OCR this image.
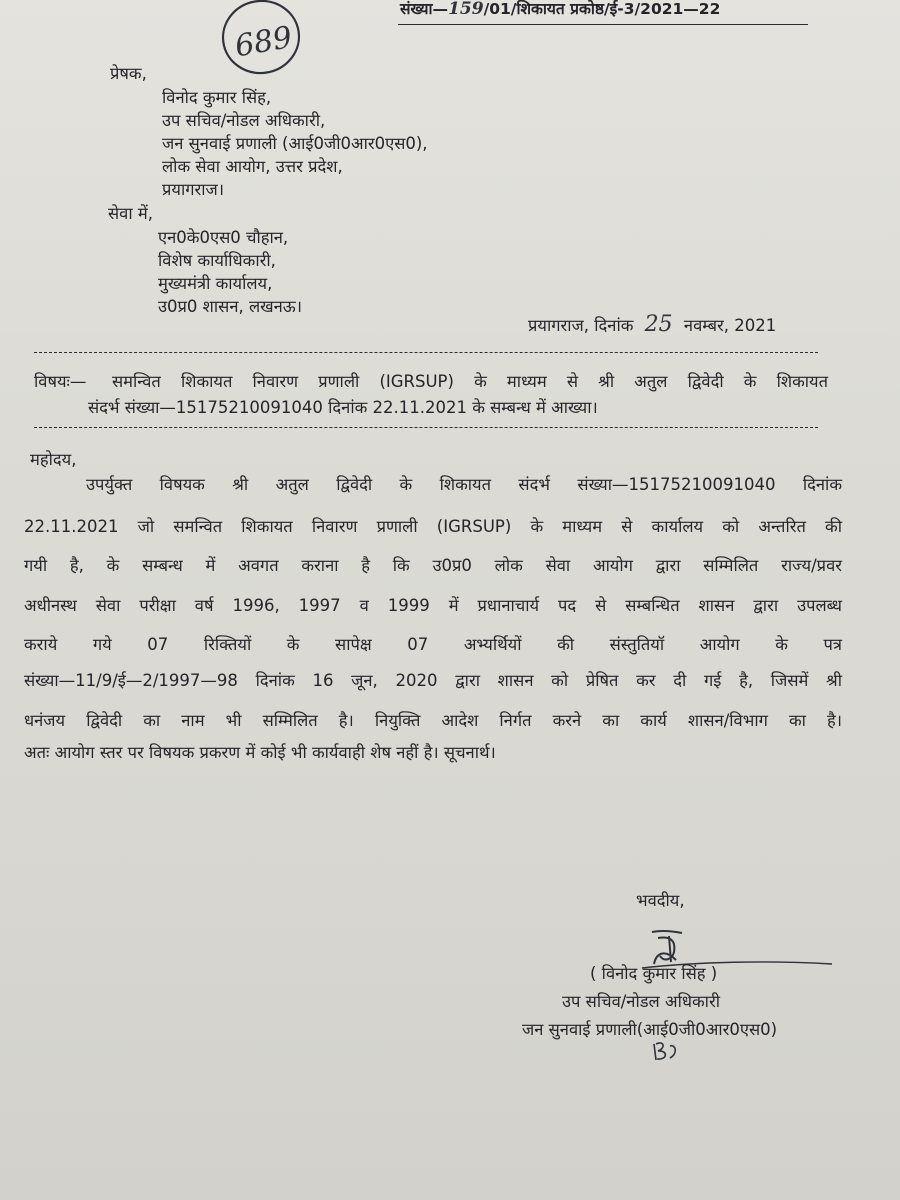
689
संख्या—159/01/शिकायत प्रकोष्ठ/ई-3/2021—22
प्रेषक,
विनोद कुमार सिंह,
उप सचिव/नोडल अधिकारी,
जन सुनवाई प्रणाली (आई0जी0आर0एस0),
लोक सेवा आयोग, उत्तर प्रदेश,
प्रयागराज।
सेवा में,
एन0के0एस0 चौहान,
विशेष कार्याधिकारी,
मुख्यमंत्री कार्यालय,
उ0प्र0 शासन, लखनऊ।
प्रयागराज, दिनांक 25 नवम्बर, 2021
विषयः— समन्वित शिकायत निवारण प्रणाली (IGRSUP) के माध्यम से श्री अतुल द्विवेदी के शिकायत
संदर्भ संख्या—15175210091040 दिनांक 22.11.2021 के सम्बन्ध में आख्या।
महोदय,
उपर्युक्त विषयक श्री अतुल द्विवेदी के शिकायत संदर्भ संख्या—15175210091040 दिनांक
22.11.2021 जो समन्वित शिकायत निवारण प्रणाली (IGRSUP) के माध्यम से कार्यालय को अन्तरित की
गयी है, के सम्बन्ध में अवगत कराना है कि उ0प्र0 लोक सेवा आयोग द्वारा सम्मिलित राज्य/प्रवर
अधीनस्थ सेवा परीक्षा वर्ष 1996, 1997 व 1999 में प्रधानाचार्य पद से सम्बन्धित शासन द्वारा उपलब्ध
कराये गये 07 रिक्तियों के सापेक्ष 07 अभ्यर्थियों की संस्तुतियॉ आयोग के पत्र
संख्या—11/9/ई—2/1997—98 दिनांक 16 जून, 2020 द्वारा शासन को प्रेषित कर दी गई है, जिसमें श्री
धनंजय द्विवेदी का नाम भी सम्मिलित है। नियुक्ति आदेश निर्गत करने का कार्य शासन/विभाग का है।
अतः आयोग स्तर पर विषयक प्रकरण में कोई भी कार्यवाही शेष नहीं है। सूचनार्थ।
भवदीय,
( विनोद कुमार सिंह )
उप सचिव/नोडल अधिकारी
जन सुनवाई प्रणाली(आई0जी0आर0एस0)
